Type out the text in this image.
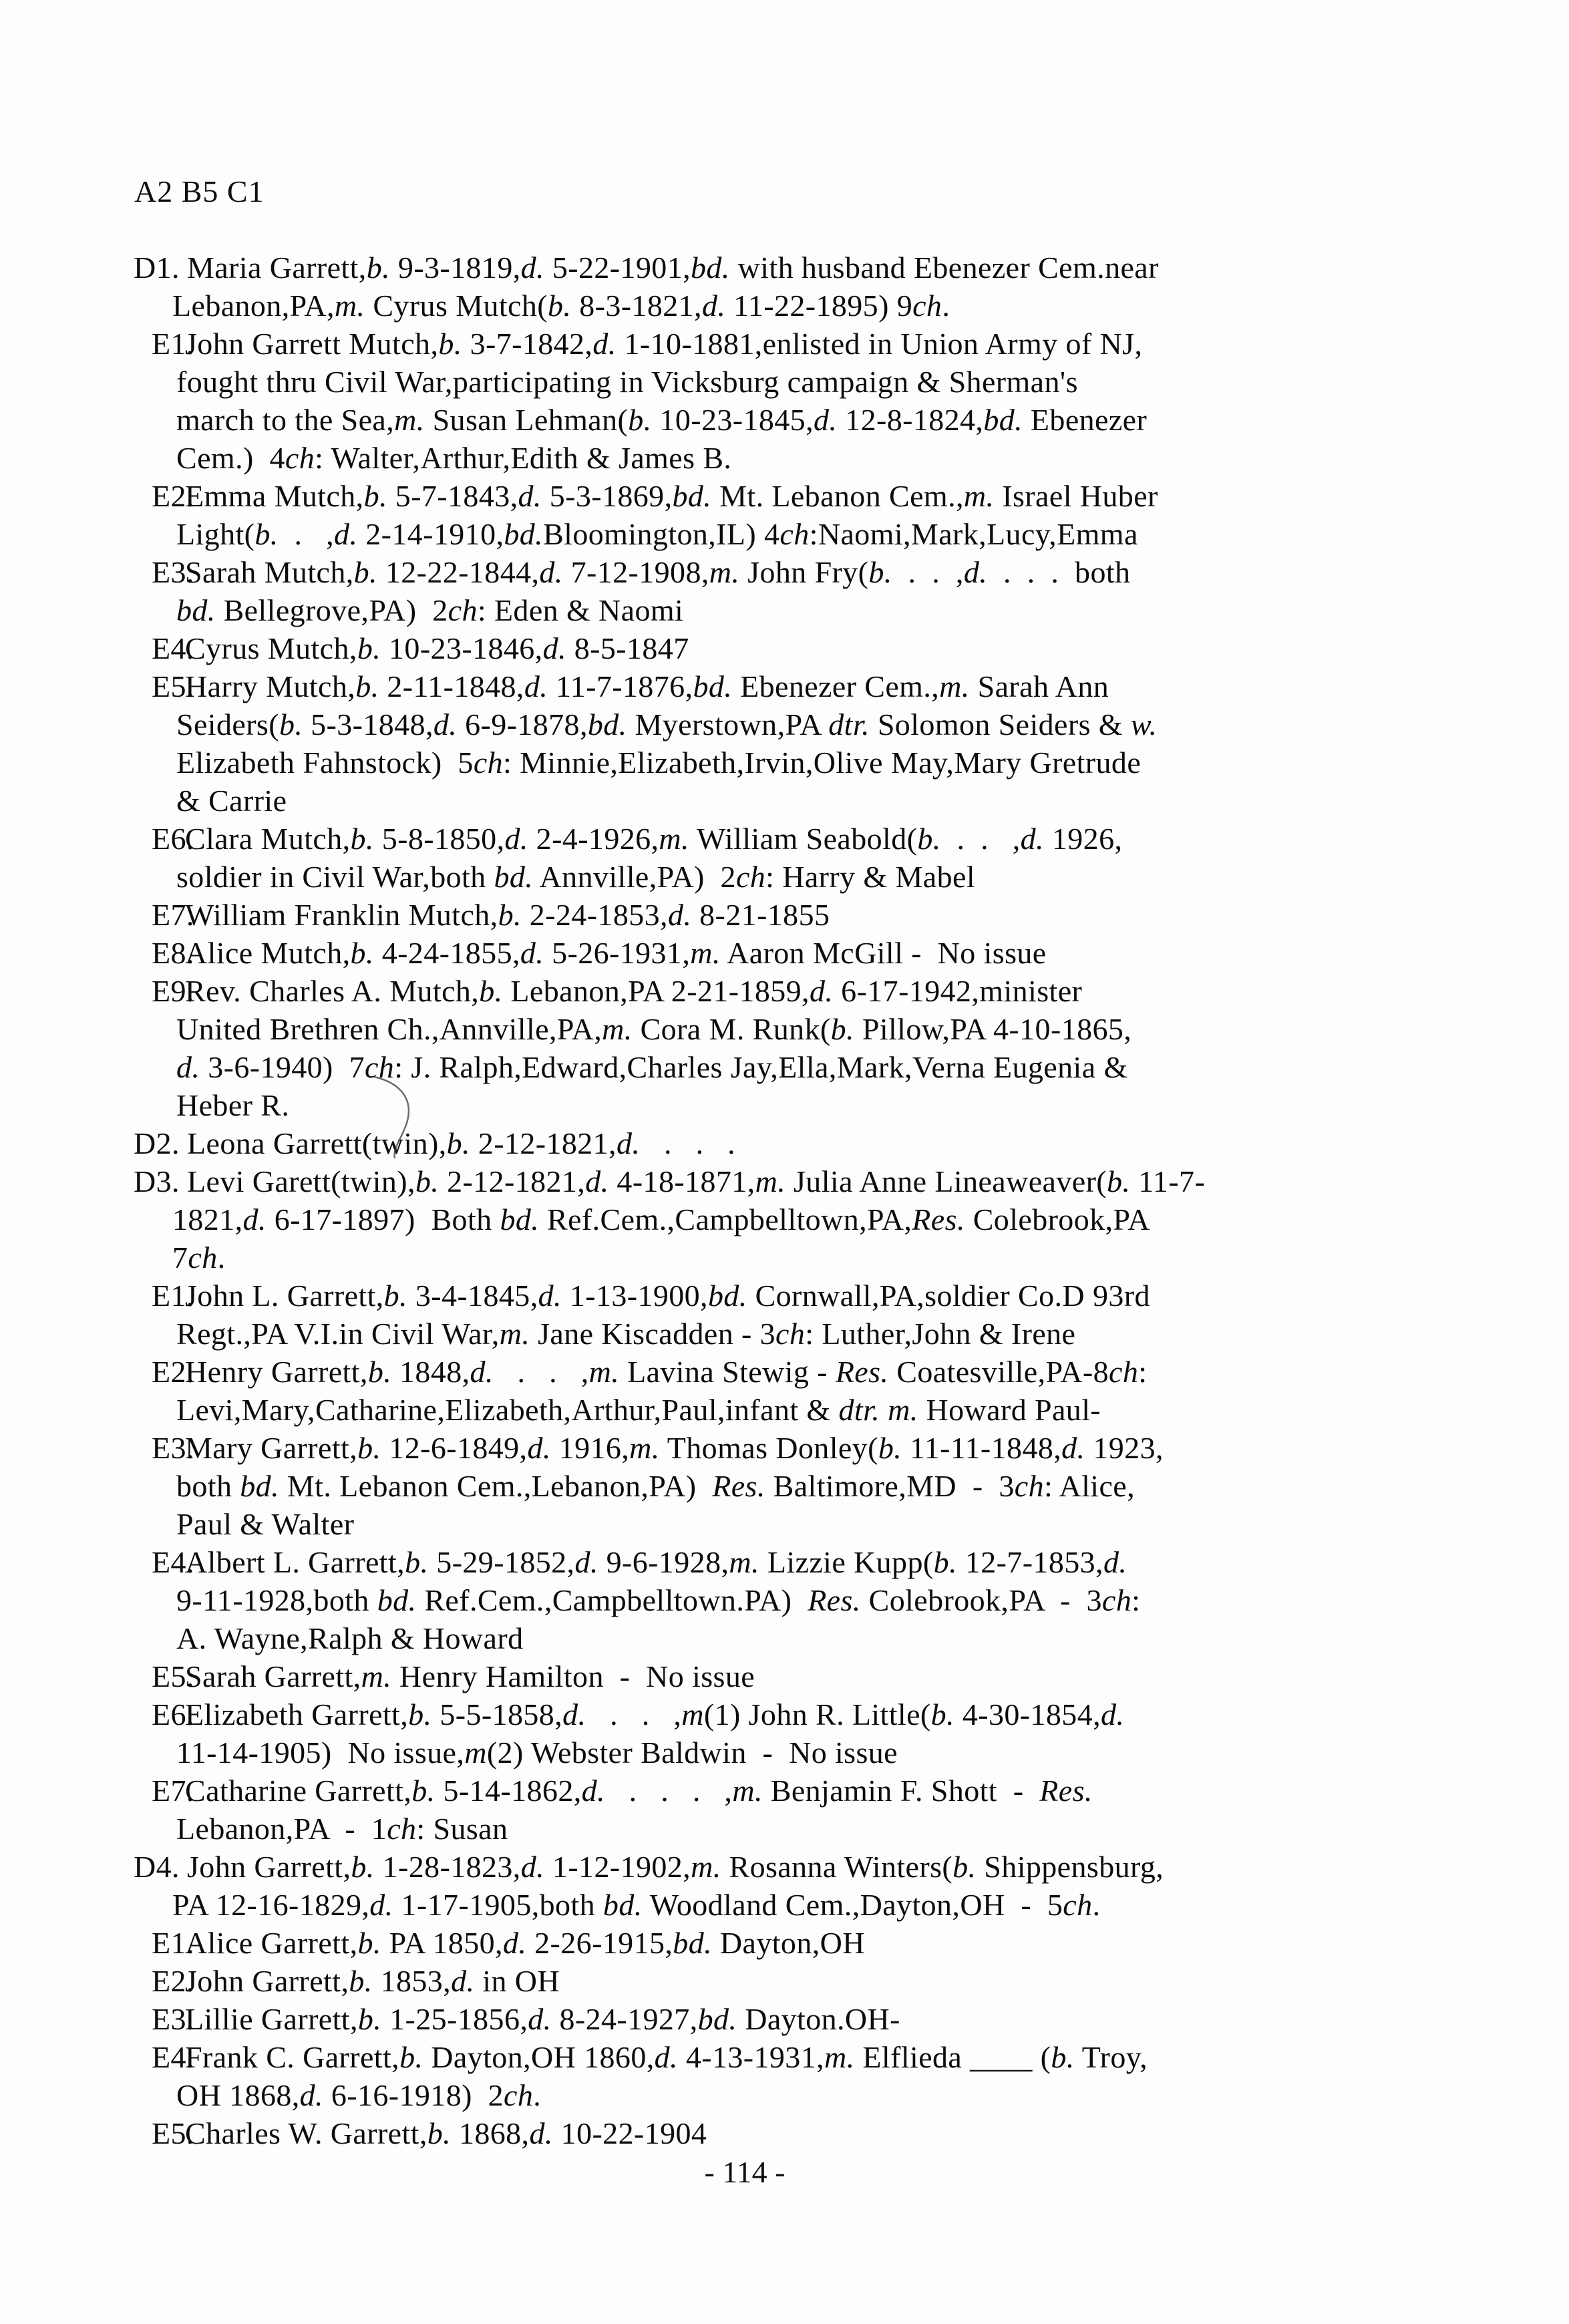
A2 B5 C1
D1. Maria Garrett,b. 9-3-1819,d. 5-22-1901,bd. with husband Ebenezer Cem.near
Lebanon,PA,m. Cyrus Mutch(b. 8-3-1821,d. 11-22-1895) 9ch.
E1.John Garrett Mutch,b. 3-7-1842,d. 1-10-1881,enlisted in Union Army of NJ,
fought thru Civil War,participating in Vicksburg campaign & Sherman's
march to the Sea,m. Susan Lehman(b. 10-23-1845,d. 12-8-1824,bd. Ebenezer
Cem.)  4ch: Walter,Arthur,Edith & James B.
E2.Emma Mutch,b. 5-7-1843,d. 5-3-1869,bd. Mt. Lebanon Cem.,m. Israel Huber
Light(b.  .   ,d. 2-14-1910,bd.Bloomington,IL) 4ch:Naomi,Mark,Lucy,Emma
E3.Sarah Mutch,b. 12-22-1844,d. 7-12-1908,m. John Fry(b.  .  .  ,d.  .  .  .  both
bd. Bellegrove,PA)  2ch: Eden & Naomi
E4.Cyrus Mutch,b. 10-23-1846,d. 8-5-1847
E5.Harry Mutch,b. 2-11-1848,d. 11-7-1876,bd. Ebenezer Cem.,m. Sarah Ann
Seiders(b. 5-3-1848,d. 6-9-1878,bd. Myerstown,PA dtr. Solomon Seiders & w.
Elizabeth Fahnstock)  5ch: Minnie,Elizabeth,Irvin,Olive May,Mary Gretrude
& Carrie
E6.Clara Mutch,b. 5-8-1850,d. 2-4-1926,m. William Seabold(b.  .  .   ,d. 1926,
soldier in Civil War,both bd. Annville,PA)  2ch: Harry & Mabel
E7.William Franklin Mutch,b. 2-24-1853,d. 8-21-1855
E8.Alice Mutch,b. 4-24-1855,d. 5-26-1931,m. Aaron McGill -  No issue
E9.Rev. Charles A. Mutch,b. Lebanon,PA 2-21-1859,d. 6-17-1942,minister
United Brethren Ch.,Annville,PA,m. Cora M. Runk(b. Pillow,PA 4-10-1865,
d. 3-6-1940)  7ch: J. Ralph,Edward,Charles Jay,Ella,Mark,Verna Eugenia &
Heber R.
D2. Leona Garrett(twin),b. 2-12-1821,d.   .   .   .
D3. Levi Garett(twin),b. 2-12-1821,d. 4-18-1871,m. Julia Anne Lineaweaver(b. 11-7-
1821,d. 6-17-1897)  Both bd. Ref.Cem.,Campbelltown,PA,Res. Colebrook,PA
7ch.
E1.John L. Garrett,b. 3-4-1845,d. 1-13-1900,bd. Cornwall,PA,soldier Co.D 93rd
Regt.,PA V.I.in Civil War,m. Jane Kiscadden - 3ch: Luther,John & Irene
E2.Henry Garrett,b. 1848,d.   .   .   ,m. Lavina Stewig - Res. Coatesville,PA-8ch:
Levi,Mary,Catharine,Elizabeth,Arthur,Paul,infant & dtr. m. Howard Paul-
E3.Mary Garrett,b. 12-6-1849,d. 1916,m. Thomas Donley(b. 11-11-1848,d. 1923,
both bd. Mt. Lebanon Cem.,Lebanon,PA)  Res. Baltimore,MD  -  3ch: Alice,
Paul & Walter
E4.Albert L. Garrett,b. 5-29-1852,d. 9-6-1928,m. Lizzie Kupp(b. 12-7-1853,d.
9-11-1928,both bd. Ref.Cem.,Campbelltown.PA)  Res. Colebrook,PA  -  3ch:
A. Wayne,Ralph & Howard
E5.Sarah Garrett,m. Henry Hamilton  -  No issue
E6.Elizabeth Garrett,b. 5-5-1858,d.   .   .   ,m(1) John R. Little(b. 4-30-1854,d.
11-14-1905)  No issue,m(2) Webster Baldwin  -  No issue
E7.Catharine Garrett,b. 5-14-1862,d.   .   .   .   ,m. Benjamin F. Shott  -  Res.
Lebanon,PA  -  1ch: Susan
D4. John Garrett,b. 1-28-1823,d. 1-12-1902,m. Rosanna Winters(b. Shippensburg,
PA 12-16-1829,d. 1-17-1905,both bd. Woodland Cem.,Dayton,OH  -  5ch.
E1.Alice Garrett,b. PA 1850,d. 2-26-1915,bd. Dayton,OH
E2.John Garrett,b. 1853,d. in OH
E3.Lillie Garrett,b. 1-25-1856,d. 8-24-1927,bd. Dayton.OH-
E4.Frank C. Garrett,b. Dayton,OH 1860,d. 4-13-1931,m. Elflieda ____ (b. Troy,
OH 1868,d. 6-16-1918)  2ch.
E5.Charles W. Garrett,b. 1868,d. 10-22-1904
- 114 -
